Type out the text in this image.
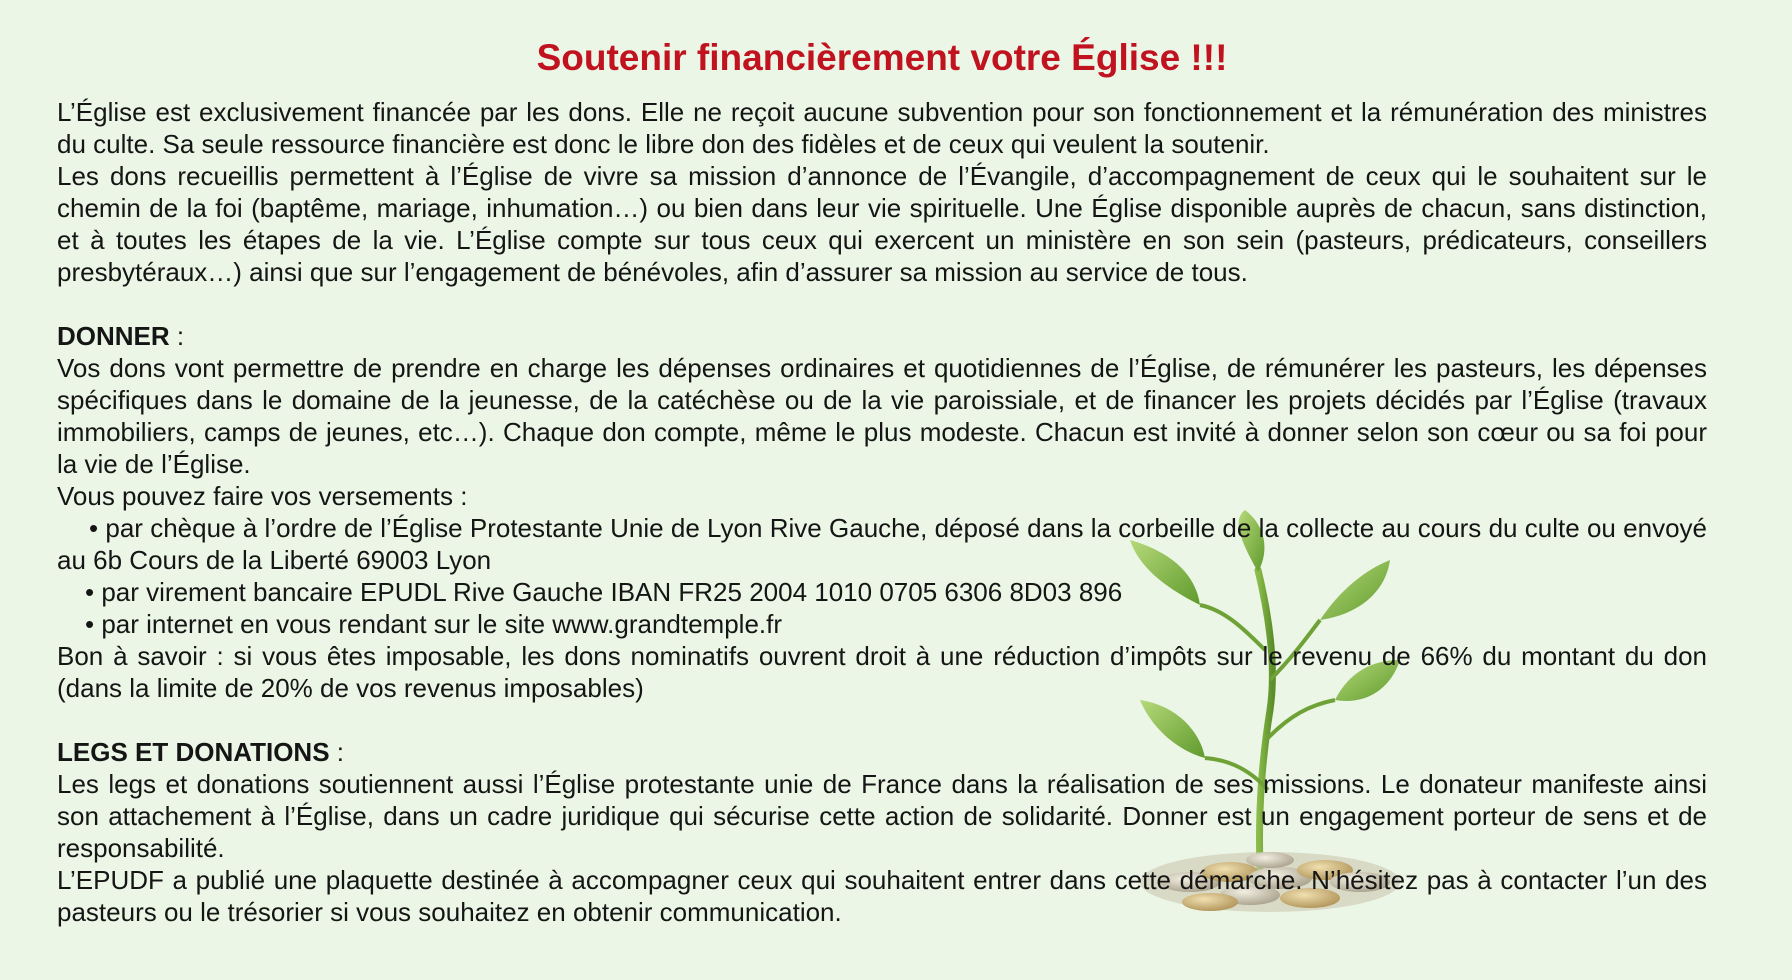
Soutenir financièrement votre Église !!!

L’Église est exclusivement financée par les dons. Elle ne reçoit aucune subvention pour son fonctionnement et la rémunération des ministres du culte. Sa seule ressource financière est donc le libre don des fidèles et de ceux qui veulent la soutenir.

Les dons recueillis permettent à l’Église de vivre sa mission d’annonce de l’Évangile, d’accompagnement de ceux qui le souhaitent sur le chemin de la foi (baptême, mariage, inhumation…) ou bien dans leur vie spirituelle. Une Église disponible auprès de chacun, sans distinction, et à toutes les étapes de la vie. L’Église compte sur tous ceux qui exercent un ministère en son sein (pasteurs, prédicateurs, conseillers presbytéraux…) ainsi que sur l’engagement de bénévoles, afin d’assurer sa mission au service de tous.

DONNER :

Vos dons vont permettre de prendre en charge les dépenses ordinaires et quotidiennes de l’Église, de rémunérer les pasteurs, les dépenses spécifiques dans le domaine de la jeunesse, de la catéchèse ou de la vie paroissiale, et de financer les projets décidés par l’Église (travaux immobiliers, camps de jeunes, etc…). Chaque don compte, même le plus modeste. Chacun est invité à donner selon son cœur ou sa foi pour la vie de l’Église.

Vous pouvez faire vos versements :

• par chèque à l’ordre de l’Église Protestante Unie de Lyon Rive Gauche, déposé dans la corbeille de la collecte au cours du culte ou envoyé au 6b Cours de la Liberté 69003 Lyon

• par virement bancaire EPUDL Rive Gauche IBAN FR25 2004 1010 0705 6306 8D03 896

• par internet en vous rendant sur le site www.grandtemple.fr

Bon à savoir : si vous êtes imposable, les dons nominatifs ouvrent droit à une réduction d’impôts sur le revenu de 66% du montant du don (dans la limite de 20% de vos revenus imposables)

LEGS ET DONATIONS :

Les legs et donations soutiennent aussi l’Église protestante unie de France dans la réalisation de ses missions. Le donateur manifeste ainsi son attachement à l’Église, dans un cadre juridique qui sécurise cette action de solidarité. Donner est un engagement porteur de sens et de responsabilité.

L’EPUDF a publié une plaquette destinée à accompagner ceux qui souhaitent entrer dans cette démarche. N’hésitez pas à contacter l’un des pasteurs ou le trésorier si vous souhaitez en obtenir communication.
